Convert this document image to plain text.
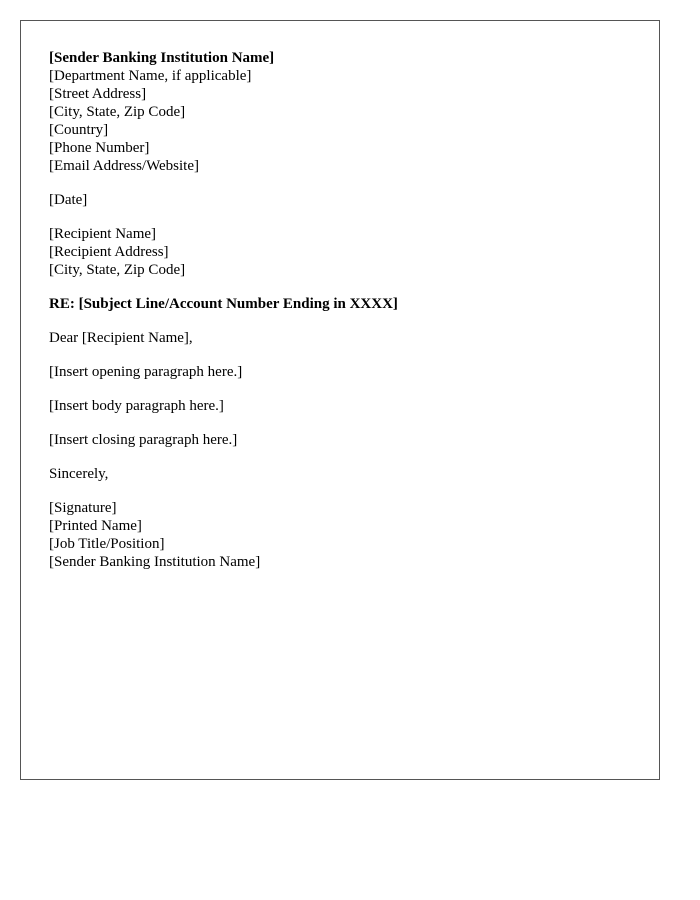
[Sender Banking Institution Name]
[Department Name, if applicable]
[Street Address]
[City, State, Zip Code]
[Country]
[Phone Number]
[Email Address/Website]
[Date]
[Recipient Name]
[Recipient Address]
[City, State, Zip Code]
RE: [Subject Line/Account Number Ending in XXXX]
Dear [Recipient Name],
[Insert opening paragraph here.]
[Insert body paragraph here.]
[Insert closing paragraph here.]
Sincerely,
[Signature]
[Printed Name]
[Job Title/Position]
[Sender Banking Institution Name]
